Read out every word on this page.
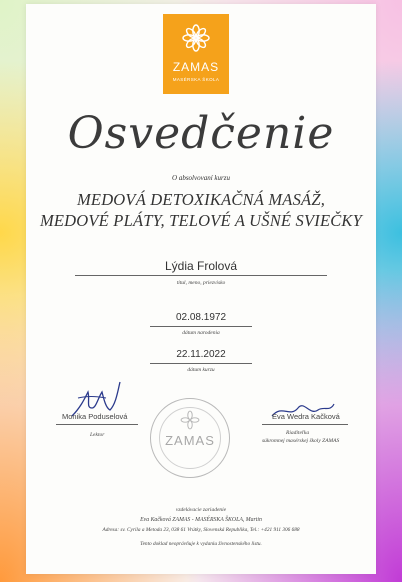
ZAMAS
MASÉRSKA ŠKOLA
Osvedčenie
O absolvovaní kurzu
MEDOVÁ DETOXIKAČNÁ MASÁŽ,
MEDOVÉ PLÁTY, TELOVÉ A UŠNÉ SVIEČKY
Lýdia Frolová
titul, meno, priezvisko
02.08.1972
dátum narodenia
22.11.2022
dátum kurzu
Monika Poduselová
Lektor	ZAMAS
Eva Wedra Kačková
Riaditeľka
súkromnej masérskej školy ZAMAS
vzdelávacie zariadenie
Eva Kačková ZAMAS - MASÉRSKA ŠKOLA, Martin
Adresa: sv. Cyrila a Metoda 23, 038 61 Vrútky, Slovenská Republika, Tel.: +421 911 306 688
Tento doklad neoprávňuje k vydaniu živnostenského listu.
